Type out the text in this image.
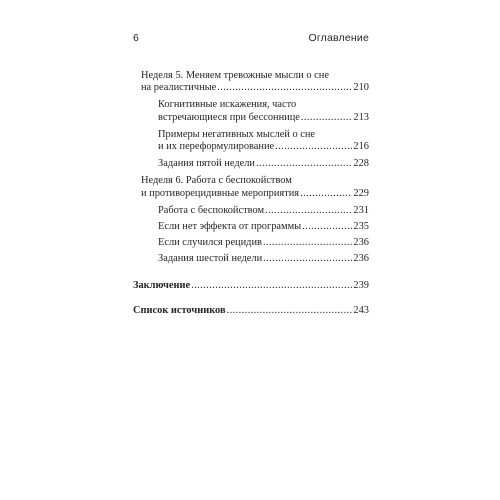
6	Оглавление
Неделя 5. Меняем тревожные мысли о сне
на реалистичные .....	210
Когнитивные искажения, часто
встречающиеся при бессоннице .....	213
Примеры негативных мыслей о сне
и их переформулирование .....	216
Задания пятой недели .....	228
Неделя 6. Работа с беспокойством
и противорецидивные мероприятия .....	229
Работа с беспокойством .....	231
Если нет эффекта от программы .....	235
Если случился рецидив .....	236
Задания шестой недели .....	236
Заключение .....	239
Список источников .....	243
